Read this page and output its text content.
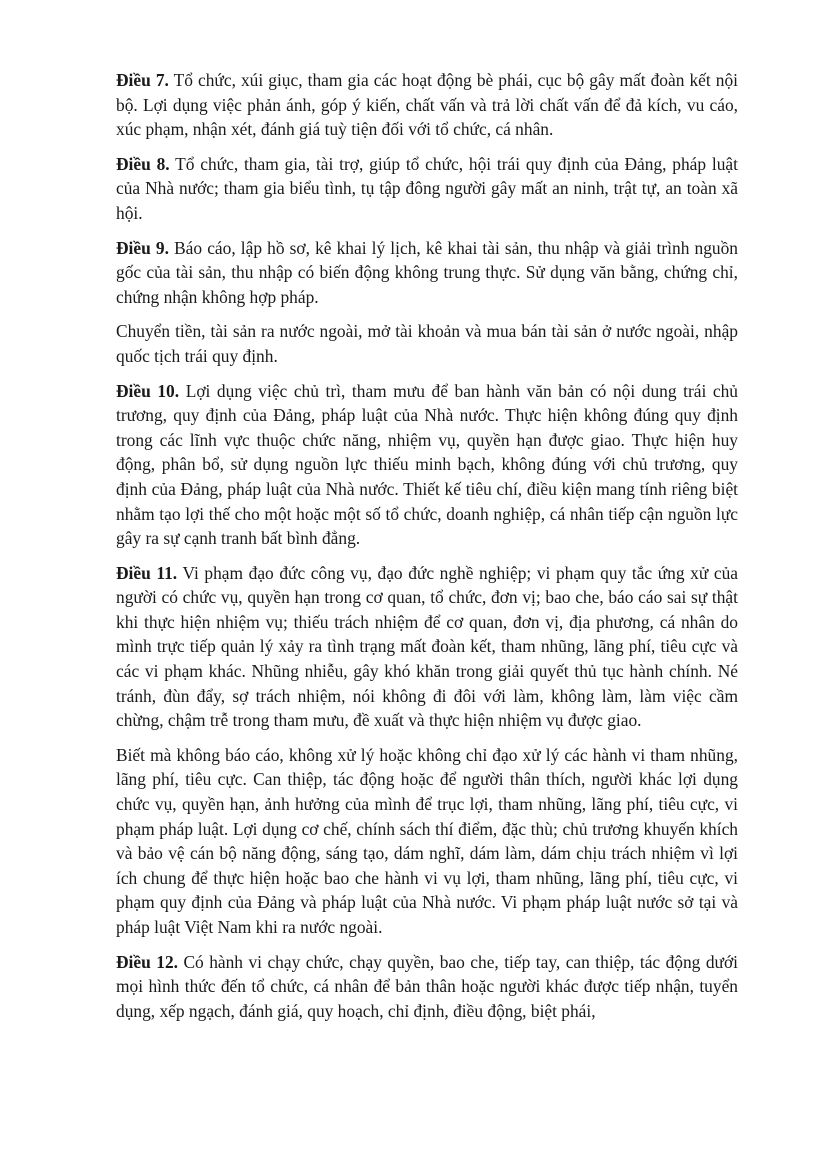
Điều 7. Tổ chức, xúi giục, tham gia các hoạt động bè phái, cục bộ gây mất đoàn kết nội bộ. Lợi dụng việc phản ánh, góp ý kiến, chất vấn và trả lời chất vấn để đả kích, vu cáo, xúc phạm, nhận xét, đánh giá tuỳ tiện đối với tổ chức, cá nhân.

Điều 8. Tổ chức, tham gia, tài trợ, giúp tổ chức, hội trái quy định của Đảng, pháp luật của Nhà nước; tham gia biểu tình, tụ tập đông người gây mất an ninh, trật tự, an toàn xã hội.

Điều 9. Báo cáo, lập hồ sơ, kê khai lý lịch, kê khai tài sản, thu nhập và giải trình nguồn gốc của tài sản, thu nhập có biến động không trung thực. Sử dụng văn bằng, chứng chỉ, chứng nhận không hợp pháp.

Chuyển tiền, tài sản ra nước ngoài, mở tài khoản và mua bán tài sản ở nước ngoài, nhập quốc tịch trái quy định.

Điều 10. Lợi dụng việc chủ trì, tham mưu để ban hành văn bản có nội dung trái chủ trương, quy định của Đảng, pháp luật của Nhà nước. Thực hiện không đúng quy định trong các lĩnh vực thuộc chức năng, nhiệm vụ, quyền hạn được giao. Thực hiện huy động, phân bổ, sử dụng nguồn lực thiếu minh bạch, không đúng với chủ trương, quy định của Đảng, pháp luật của Nhà nước. Thiết kế tiêu chí, điều kiện mang tính riêng biệt nhằm tạo lợi thế cho một hoặc một số tổ chức, doanh nghiệp, cá nhân tiếp cận nguồn lực gây ra sự cạnh tranh bất bình đẳng.

Điều 11. Vi phạm đạo đức công vụ, đạo đức nghề nghiệp; vi phạm quy tắc ứng xử của người có chức vụ, quyền hạn trong cơ quan, tổ chức, đơn vị; bao che, báo cáo sai sự thật khi thực hiện nhiệm vụ; thiếu trách nhiệm để cơ quan, đơn vị, địa phương, cá nhân do mình trực tiếp quản lý xảy ra tình trạng mất đoàn kết, tham nhũng, lãng phí, tiêu cực và các vi phạm khác. Nhũng nhiễu, gây khó khăn trong giải quyết thủ tục hành chính. Né tránh, đùn đẩy, sợ trách nhiệm, nói không đi đôi với làm, không làm, làm việc cầm chừng, chậm trễ trong tham mưu, đề xuất và thực hiện nhiệm vụ được giao.

Biết mà không báo cáo, không xử lý hoặc không chỉ đạo xử lý các hành vi tham nhũng, lãng phí, tiêu cực. Can thiệp, tác động hoặc để người thân thích, người khác lợi dụng chức vụ, quyền hạn, ảnh hưởng của mình để trục lợi, tham nhũng, lãng phí, tiêu cực, vi phạm pháp luật. Lợi dụng cơ chế, chính sách thí điểm, đặc thù; chủ trương khuyến khích và bảo vệ cán bộ năng động, sáng tạo, dám nghĩ, dám làm, dám chịu trách nhiệm vì lợi ích chung để thực hiện hoặc bao che hành vi vụ lợi, tham nhũng, lãng phí, tiêu cực, vi phạm quy định của Đảng và pháp luật của Nhà nước. Vi phạm pháp luật nước sở tại và pháp luật Việt Nam khi ra nước ngoài.

Điều 12. Có hành vi chạy chức, chạy quyền, bao che, tiếp tay, can thiệp, tác động dưới mọi hình thức đến tổ chức, cá nhân để bản thân hoặc người khác được tiếp nhận, tuyển dụng, xếp ngạch, đánh giá, quy hoạch, chỉ định, điều động, biệt phái,
